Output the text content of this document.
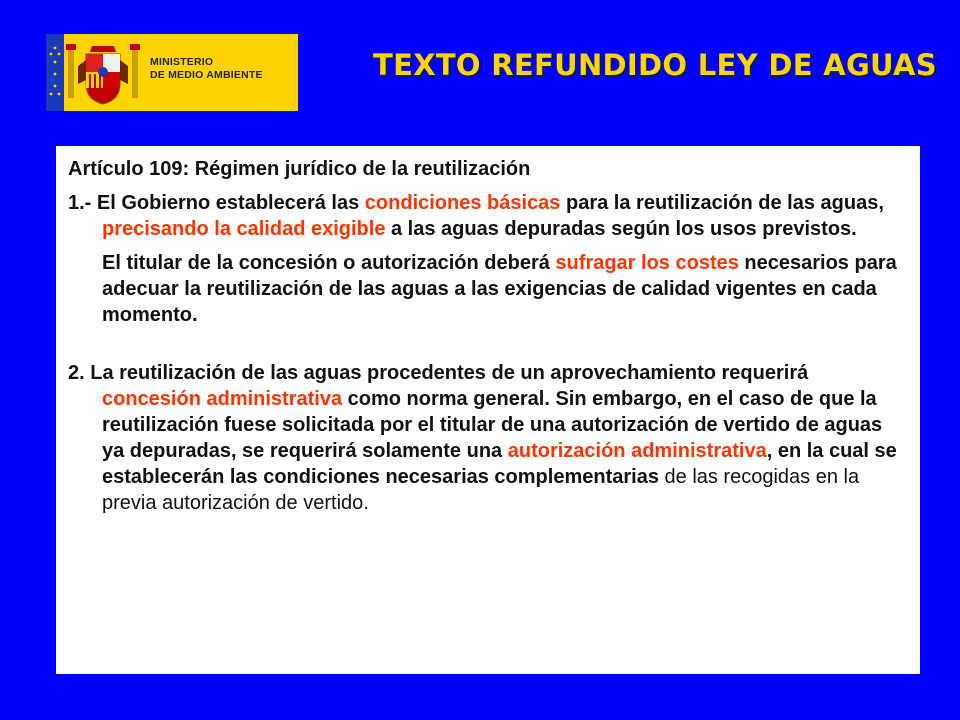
MINISTERIO
DE MEDIO AMBIENTE	TEXTO REFUNDIDO LEY DE AGUAS
Artículo 109: Régimen jurídico de la reutilización
1.- El Gobierno establecerá las condiciones básicas para la reutilización de las aguas, precisando la calidad exigible a las aguas depuradas según los usos previstos.
El titular de la concesión o autorización deberá sufragar los costes necesarios para adecuar la reutilización de las aguas a las exigencias de calidad vigentes en cada momento.
2. La reutilización de las aguas procedentes de un aprovechamiento requerirá concesión administrativa como norma general. Sin embargo, en el caso de que la reutilización fuese solicitada por el titular de una autorización de vertido de aguas ya depuradas, se requerirá solamente una autorización administrativa, en la cual se establecerán las condiciones necesarias complementarias de las recogidas en la previa autorización de vertido.
